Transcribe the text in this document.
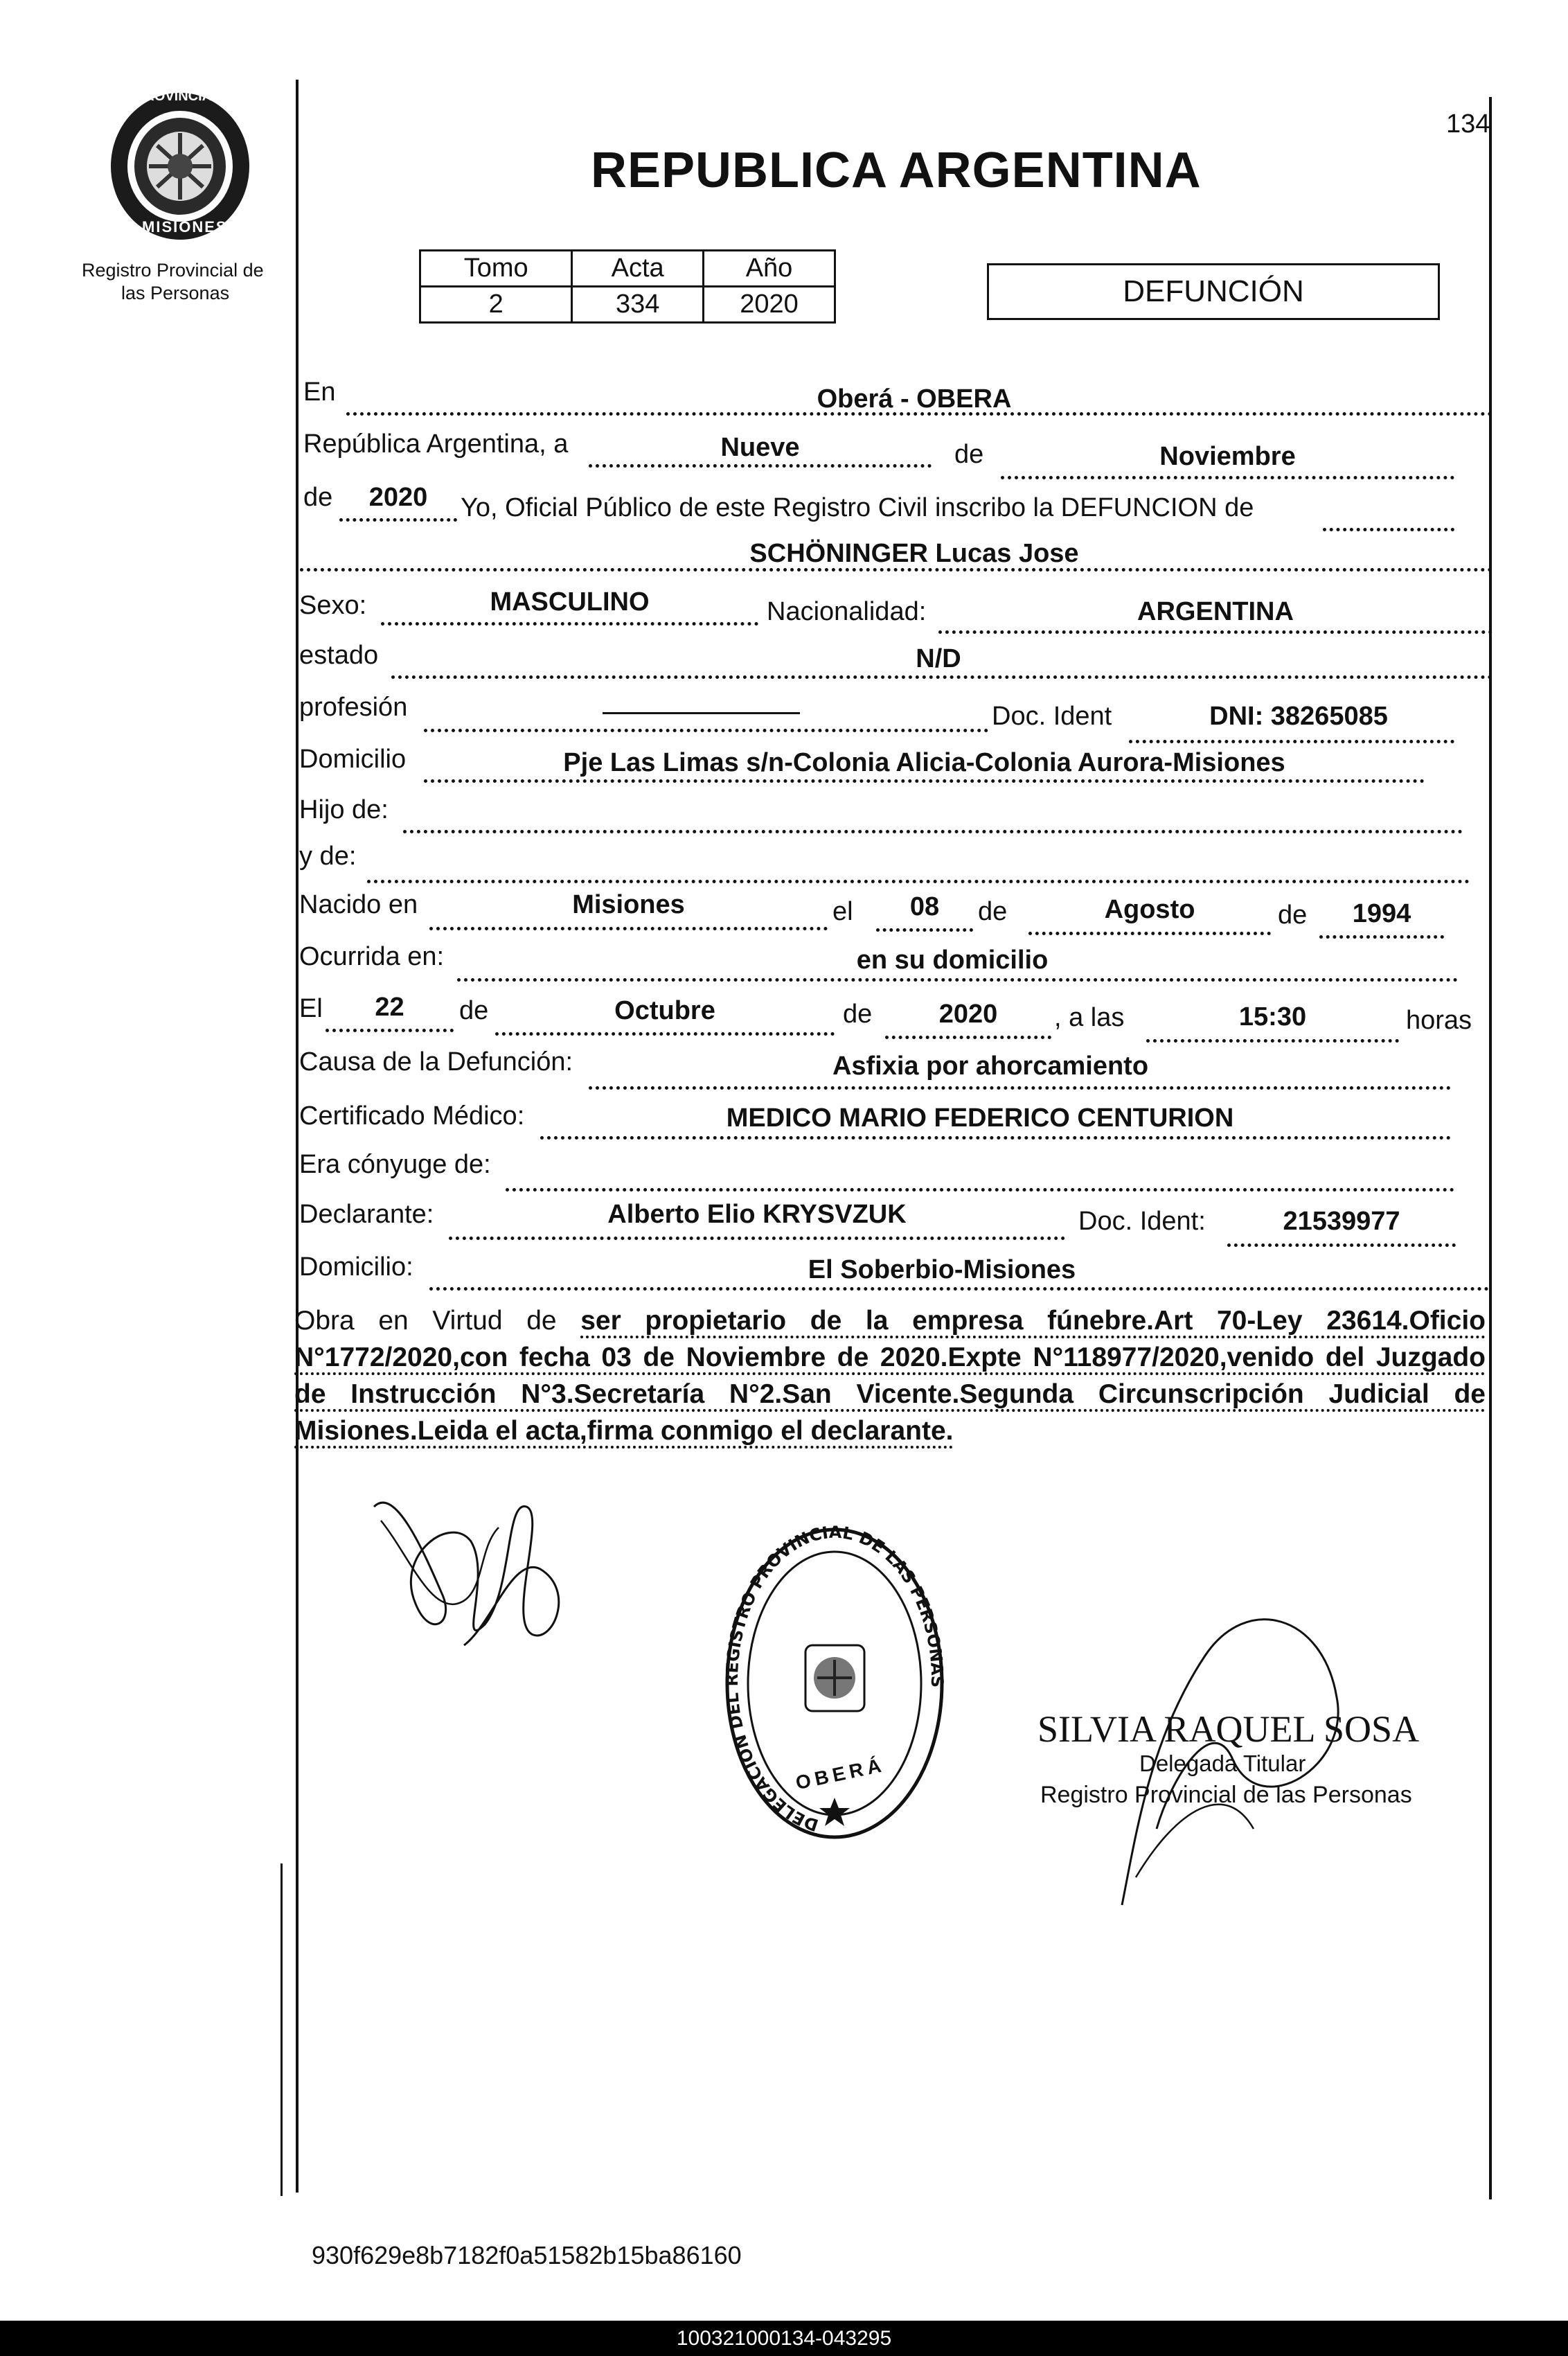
PROVINCIA DE
MISIONES
Registro Provincial de
las Personas
134
REPUBLICA ARGENTINA
Tomo	Acta	Año
2	334	2020	DEFUNCIÓN
En	Oberá - OBERA
República Argentina, a	Nueve	de	Noviembre
de	2020	Yo, Oficial Público de este Registro Civil inscribo la DEFUNCION de
SCHÖNINGER Lucas Jose
Sexo:	MASCULINO	Nacionalidad:	ARGENTINA
estado	N/D
profesión	Doc. Ident	DNI: 38265085
Domicilio	Pje Las Limas s/n-Colonia Alicia-Colonia Aurora-Misiones
Hijo de:
y de:
Nacido en	Misiones	el	08	de	Agosto	de	1994
Ocurrida en:	en su domicilio
El	22	de	Octubre	de	2020	, a las	15:30	horas
Causa de la Defunción:	Asfixia por ahorcamiento
Certificado Médico:	MEDICO MARIO FEDERICO CENTURION
Era cónyuge de:
Declarante:	Alberto Elio KRYSVZUK	Doc. Ident:	21539977
Domicilio:	El Soberbio-Misiones
Obra en Virtud de ser propietario de la empresa fúnebre.Art 70-Ley 23614.Oficio N°1772/2020,con fecha 03 de Noviembre de 2020.Expte N°118977/2020,venido del Juzgado de Instrucción N°3.Secretaría N°2.San Vicente.Segunda Circunscripción Judicial de Misiones.Leida el acta,firma conmigo el declarante.
DELEGACION DEL REGISTRO PROVINCIAL DE LAS PERSONAS
OBERÁ
SILVIA RAQUEL SOSA
Delegada Titular
Registro Provincial de las Personas
930f629e8b7182f0a51582b15ba86160
100321000134-043295
